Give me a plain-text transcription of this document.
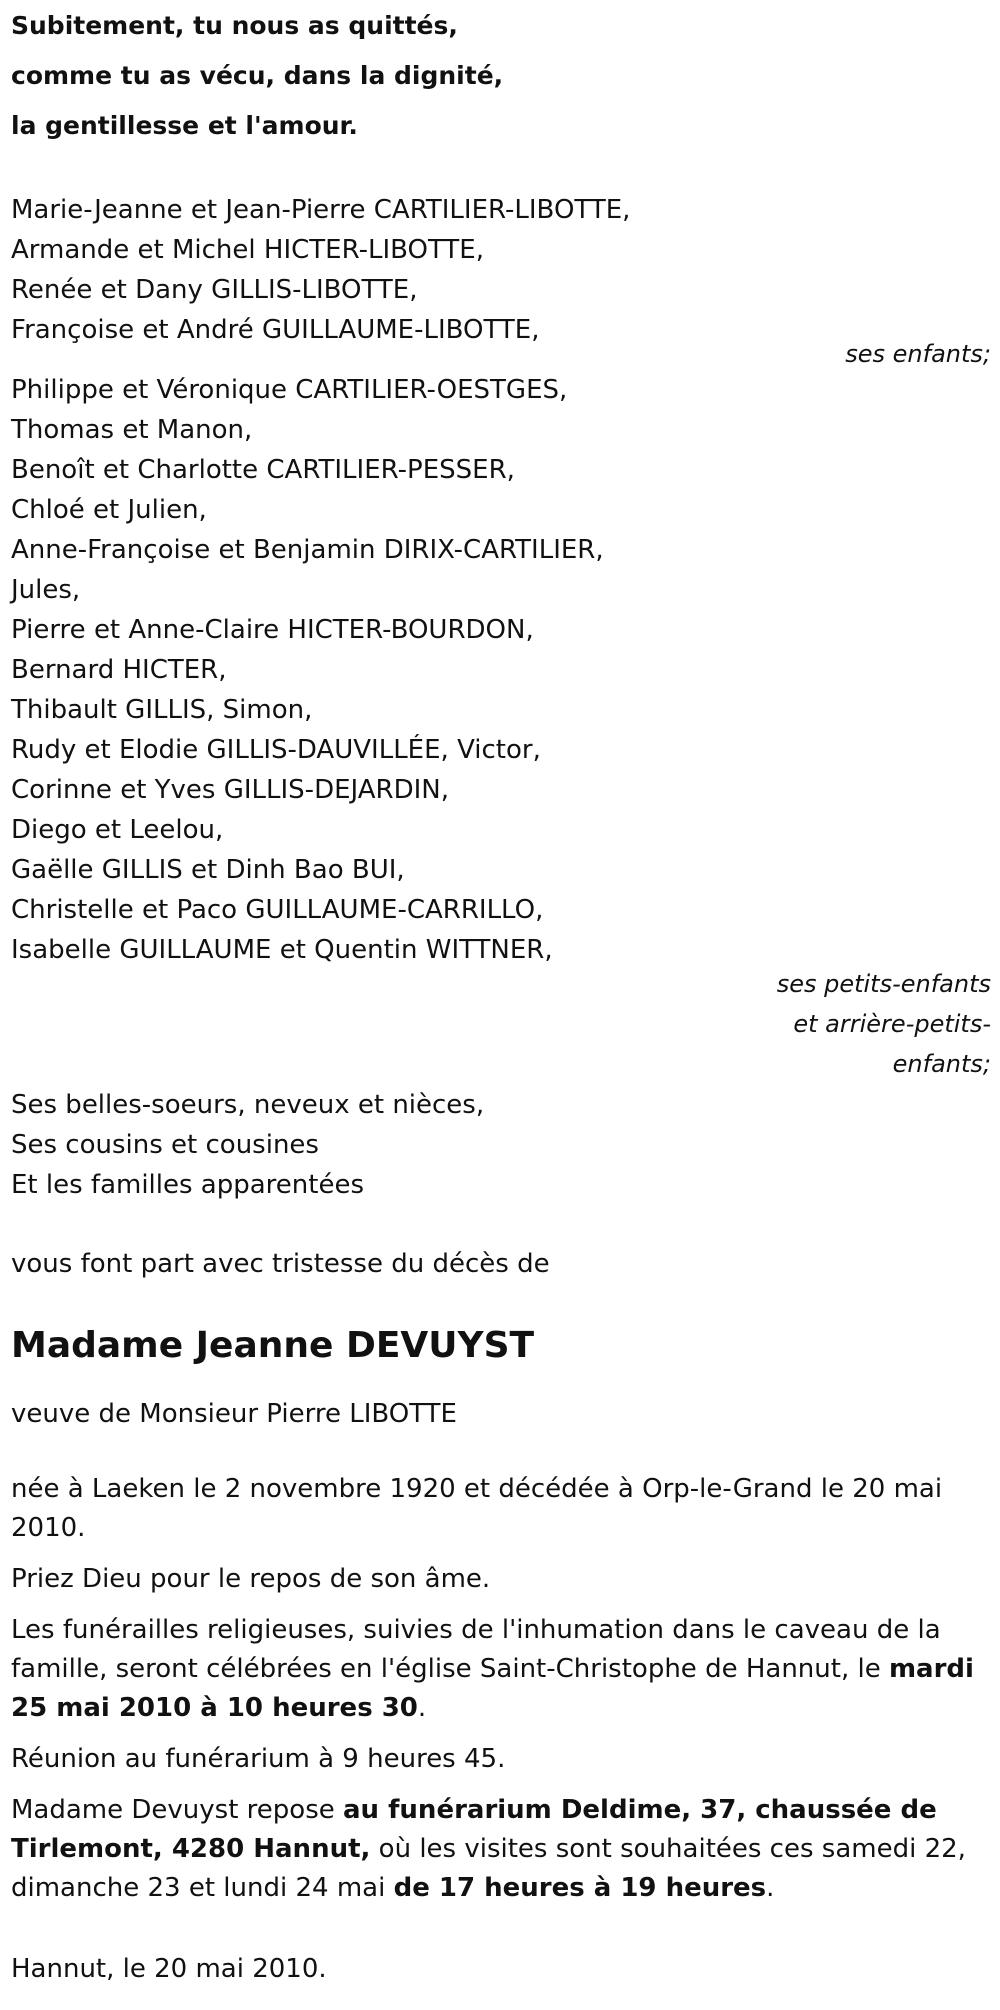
Subitement, tu nous as quittés,

comme tu as vécu, dans la dignité,

la gentillesse et l'amour.

Marie-Jeanne et Jean-Pierre CARTILIER-LIBOTTE,

Armande et Michel HICTER-LIBOTTE,

Renée et Dany GILLIS-LIBOTTE,

Françoise et André GUILLAUME-LIBOTTE,

ses enfants;

Philippe et Véronique CARTILIER-OESTGES,

Thomas et Manon,

Benoît et Charlotte CARTILIER-PESSER,

Chloé et Julien,

Anne-Françoise et Benjamin DIRIX-CARTILIER,

Jules,

Pierre et Anne-Claire HICTER-BOURDON,

Bernard HICTER,

Thibault GILLIS, Simon,

Rudy et Elodie GILLIS-DAUVILLÉE, Victor,

Corinne et Yves GILLIS-DEJARDIN,

Diego et Leelou,

Gaëlle GILLIS et Dinh Bao BUI,

Christelle et Paco GUILLAUME-CARRILLO,

Isabelle GUILLAUME et Quentin WITTNER,

ses petits-enfants
et arrière-petits-
enfants;

Ses belles-soeurs, neveux et nièces,

Ses cousins et cousines

Et les familles apparentées

vous font part avec tristesse du décès de

Madame Jeanne DEVUYST

veuve de Monsieur Pierre LIBOTTE

née à Laeken le 2 novembre 1920 et décédée à Orp-le-Grand le 20 mai 2010.

Priez Dieu pour le repos de son âme.

Les funérailles religieuses, suivies de l'inhumation dans le caveau de la famille, seront célébrées en l'église Saint-Christophe de Hannut, le mardi 25 mai 2010 à 10 heures 30.

Réunion au funérarium à 9 heures 45.

Madame Devuyst repose au funérarium Deldime, 37, chaussée de Tirlemont, 4280 Hannut, où les visites sont souhaitées ces samedi 22, dimanche 23 et lundi 24 mai de 17 heures à 19 heures.

Hannut, le 20 mai 2010.
